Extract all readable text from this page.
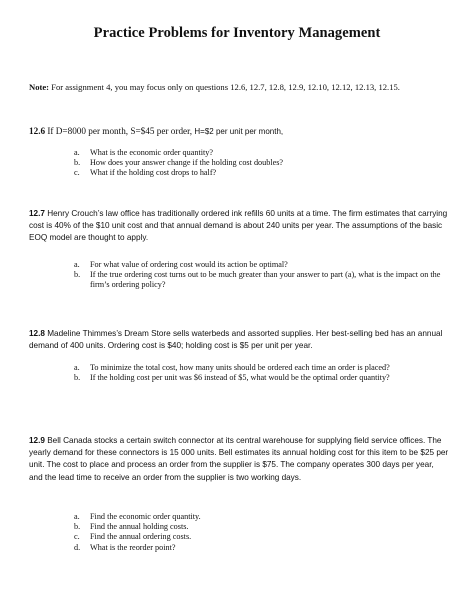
Practice Problems for Inventory Management
Note: For assignment 4, you may focus only on questions 12.6, 12.7, 12.8, 12.9, 12.10, 12.12, 12.13, 12.15.
12.6 If D=8000 per month, S=$45 per order, H=$2 per unit per month,
a.	What is the economic order quantity?
b.	How does your answer change if the holding cost doubles?
c.	What if the holding cost drops to half?
12.7 Henry Crouch’s law office has traditionally ordered ink refills 60 units at a time. The firm estimates that carrying cost is 40% of the $10 unit cost and that annual demand is about 240 units per year. The assumptions of the basic EOQ model are thought to apply.
a.	For what value of ordering cost would its action be optimal?
b.	If the true ordering cost turns out to be much greater than your answer to part (a), what is the impact on the firm’s ordering policy?
12.8 Madeline Thimmes’s Dream Store sells waterbeds and assorted supplies. Her best-selling bed has an annual demand of 400 units. Ordering cost is $40; holding cost is $5 per unit per year.
a.	To minimize the total cost, how many units should be ordered each time an order is placed?
b.	If the holding cost per unit was $6 instead of $5, what would be the optimal order quantity?
12.9 Bell Canada stocks a certain switch connector at its central warehouse for supplying field service offices. The yearly demand for these connectors is 15 000 units. Bell estimates its annual holding cost for this item to be $25 per unit. The cost to place and process an order from the supplier is $75. The company operates 300 days per year, and the lead time to receive an order from the supplier is two working days.
a.	Find the economic order quantity.
b.	Find the annual holding costs.
c.	Find the annual ordering costs.
d.	What is the reorder point?
